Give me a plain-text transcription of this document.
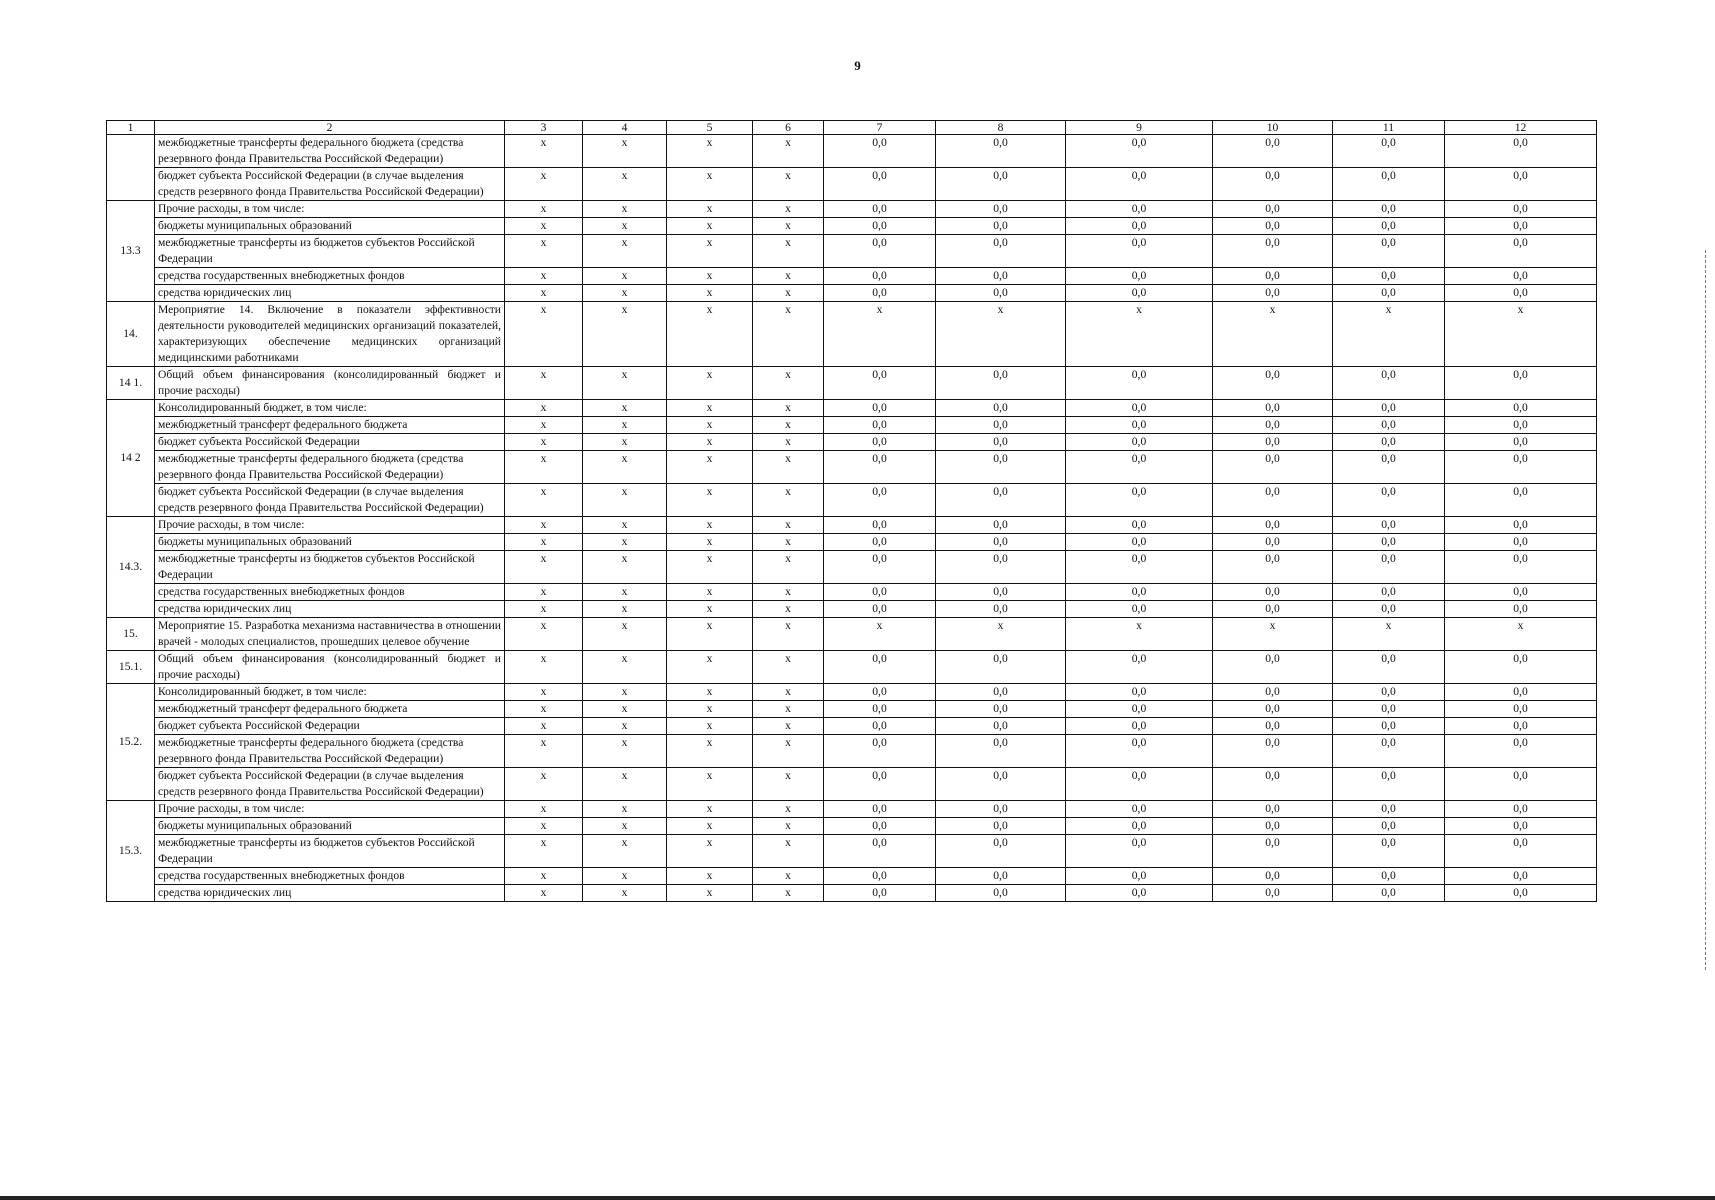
9
1	2	3	4	5	6	7	8	9	10	11	12
	межбюджетные трансферты федерального бюджета (средства резервного фонда Правительства Российской Федерации)	x	x	x	x	0,0	0,0	0,0	0,0	0,0	0,0
	бюджет субъекта Российской Федерации (в случае выделения средств резервного фонда Правительства Российской Федерации)	x	x	x	x	0,0	0,0	0,0	0,0	0,0	0,0
13.3	Прочие расходы, в том числе:	x	x	x	x	0,0	0,0	0,0	0,0	0,0	0,0
	бюджеты муниципальных образований	x	x	x	x	0,0	0,0	0,0	0,0	0,0	0,0
	межбюджетные трансферты из бюджетов субъектов Российской Федерации	x	x	x	x	0,0	0,0	0,0	0,0	0,0	0,0
	средства государственных внебюджетных фондов	x	x	x	x	0,0	0,0	0,0	0,0	0,0	0,0
	средства юридических лиц	x	x	x	x	0,0	0,0	0,0	0,0	0,0	0,0
14.	Мероприятие 14. Включение в показатели эффективности деятельности руководителей медицинских организаций показателей, характеризующих обеспечение медицинских организаций медицинскими работниками	x	x	x	x	x	x	x	x	x	x
14 1.	Общий объем финансирования (консолидированный бюджет и прочие расходы)	x	x	x	x	0,0	0,0	0,0	0,0	0,0	0,0
14 2	Консолидированный бюджет, в том числе:	x	x	x	x	0,0	0,0	0,0	0,0	0,0	0,0
	межбюджетный трансферт федерального бюджета	x	x	x	x	0,0	0,0	0,0	0,0	0,0	0,0
	бюджет субъекта Российской Федерации	x	x	x	x	0,0	0,0	0,0	0,0	0,0	0,0
	межбюджетные трансферты федерального бюджета (средства резервного фонда Правительства Российской Федерации)	x	x	x	x	0,0	0,0	0,0	0,0	0,0	0,0
	бюджет субъекта Российской Федерации (в случае выделения средств резервного фонда Правительства Российской Федерации)	x	x	x	x	0,0	0,0	0,0	0,0	0,0	0,0
14.3.	Прочие расходы, в том числе:	x	x	x	x	0,0	0,0	0,0	0,0	0,0	0,0
	бюджеты муниципальных образований	x	x	x	x	0,0	0,0	0,0	0,0	0,0	0,0
	межбюджетные трансферты из бюджетов субъектов Российской Федерации	x	x	x	x	0,0	0,0	0,0	0,0	0,0	0,0
	средства государственных внебюджетных фондов	x	x	x	x	0,0	0,0	0,0	0,0	0,0	0,0
	средства юридических лиц	x	x	x	x	0,0	0,0	0,0	0,0	0,0	0,0
15.	Мероприятие 15. Разработка механизма наставничества в отношении врачей - молодых специалистов, прошедших целевое обучение	x	x	x	x	x	x	x	x	x	x
15.1.	Общий объем финансирования (консолидированный бюджет и прочие расходы)	x	x	x	x	0,0	0,0	0,0	0,0	0,0	0,0
15.2.	Консолидированный бюджет, в том числе:	x	x	x	x	0,0	0,0	0,0	0,0	0,0	0,0
	межбюджетный трансферт федерального бюджета	x	x	x	x	0,0	0,0	0,0	0,0	0,0	0,0
	бюджет субъекта Российской Федерации	x	x	x	x	0,0	0,0	0,0	0,0	0,0	0,0
	межбюджетные трансферты федерального бюджета (средства резервного фонда Правительства Российской Федерации)	x	x	x	x	0,0	0,0	0,0	0,0	0,0	0,0
	бюджет субъекта Российской Федерации (в случае выделения средств резервного фонда Правительства Российской Федерации)	x	x	x	x	0,0	0,0	0,0	0,0	0,0	0,0
15.3.	Прочие расходы, в том числе:	x	x	x	x	0,0	0,0	0,0	0,0	0,0	0,0
	бюджеты муниципальных образований	x	x	x	x	0,0	0,0	0,0	0,0	0,0	0,0
	межбюджетные трансферты из бюджетов субъектов Российской Федерации	x	x	x	x	0,0	0,0	0,0	0,0	0,0	0,0
	средства государственных внебюджетных фондов	x	x	x	x	0,0	0,0	0,0	0,0	0,0	0,0
	средства юридических лиц	x	x	x	x	0,0	0,0	0,0	0,0	0,0	0,0
